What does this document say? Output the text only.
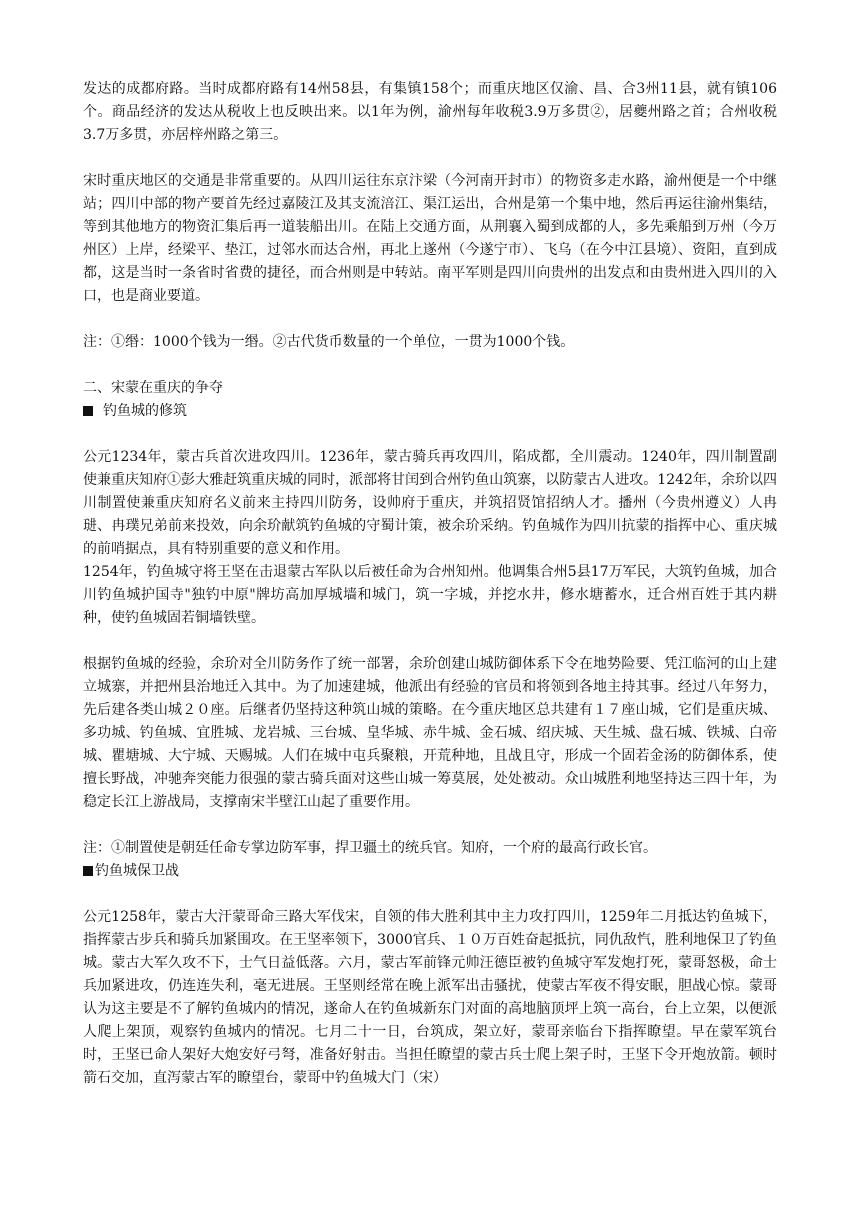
发达的成都府路。当时成都府路有14州58县，有集镇158个；而重庆地区仅渝、昌、合3州11县，就有镇106个。商品经济的发达从税收上也反映出来。以1年为例，渝州每年收税3.9万多贯②，居夔州路之首；合州收税3.7万多贯，亦居梓州路之第三。

宋时重庆地区的交通是非常重要的。从四川运往东京汴梁（今河南开封市）的物资多走水路，渝州便是一个中继站；四川中部的物产要首先经过嘉陵江及其支流涪江、渠江运出，合州是第一个集中地，然后再运往渝州集结，等到其他地方的物资汇集后再一道装船出川。在陆上交通方面，从荆襄入蜀到成都的人，多先乘船到万州（今万州区）上岸，经梁平、垫江，过邻水而达合州，再北上遂州（今遂宁市）、飞乌（在今中江县境）、资阳，直到成都，这是当时一条省时省费的捷径，而合州则是中转站。南平军则是四川向贵州的出发点和由贵州进入四川的入口，也是商业要道。

注：①缗：1000个钱为一缗。②古代货币数量的一个单位，一贯为1000个钱。

二、宋蒙在重庆的争夺

钓鱼城的修筑

公元1234年，蒙古兵首次进攻四川。1236年，蒙古骑兵再攻四川，陷成都，全川震动。1240年，四川制置副使兼重庆知府①彭大雅赶筑重庆城的同时，派部将甘闰到合州钓鱼山筑寨，以防蒙古人进攻。1242年，余玠以四川制置使兼重庆知府名义前来主持四川防务，设帅府于重庆，并筑招贤馆招纳人才。播州（今贵州遵义）人冉琎、冉璞兄弟前来投效，向余玠献筑钓鱼城的守蜀计策，被余玠采纳。钓鱼城作为四川抗蒙的指挥中心、重庆城的前哨据点，具有特别重要的意义和作用。

1254年，钓鱼城守将王坚在击退蒙古军队以后被任命为合州知州。他调集合州5县17万军民，大筑钓鱼城，加合川钓鱼城护国寺"独钓中原"牌坊高加厚城墙和城门，筑一字城，并挖水井，修水塘蓄水，迁合州百姓于其内耕种，使钓鱼城固若铜墙铁壁。

根据钓鱼城的经验，余玠对全川防务作了统一部署，余玠创建山城防御体系下令在地势险要、凭江临河的山上建立城寨，并把州县治地迁入其中。为了加速建城，他派出有经验的官员和将领到各地主持其事。经过八年努力，先后建各类山城２０座。后继者仍坚持这种筑山城的策略。在今重庆地区总共建有１７座山城，它们是重庆城、多功城、钓鱼城、宜胜城、龙岩城、三台城、皇华城、赤牛城、金石城、绍庆城、天生城、盘石城、铁城、白帝城、瞿塘城、大宁城、天赐城。人们在城中屯兵聚粮，开荒种地，且战且守，形成一个固若金汤的防御体系，使擅长野战，冲驰奔突能力很强的蒙古骑兵面对这些山城一筹莫展，处处被动。众山城胜利地坚持达三四十年，为稳定长江上游战局，支撑南宋半壁江山起了重要作用。

注：①制置使是朝廷任命专掌边防军事，捍卫疆土的统兵官。知府，一个府的最高行政长官。

钓鱼城保卫战

公元1258年，蒙古大汗蒙哥命三路大军伐宋，自领的伟大胜利其中主力攻打四川，1259年二月抵达钓鱼城下，指挥蒙古步兵和骑兵加紧围攻。在王坚率领下，3000官兵、１０万百姓奋起抵抗，同仇敌忾，胜利地保卫了钓鱼城。蒙古大军久攻不下，士气日益低落。六月，蒙古军前锋元帅汪德臣被钓鱼城守军发炮打死，蒙哥怒极，命士兵加紧进攻，仍连连失利，毫无进展。王坚则经常在晚上派军出击骚扰，使蒙古军夜不得安眠，胆战心惊。蒙哥认为这主要是不了解钓鱼城内的情况，遂命人在钓鱼城新东门对面的高地脑顶坪上筑一高台，台上立架，以便派人爬上架顶，观察钓鱼城内的情况。七月二十一日，台筑成，架立好，蒙哥亲临台下指挥瞭望。早在蒙军筑台时，王坚已命人架好大炮安好弓弩，准备好射击。当担任瞭望的蒙古兵士爬上架子时，王坚下令开炮放箭。顿时箭石交加，直泻蒙古军的瞭望台，蒙哥中钓鱼城大门（宋）
